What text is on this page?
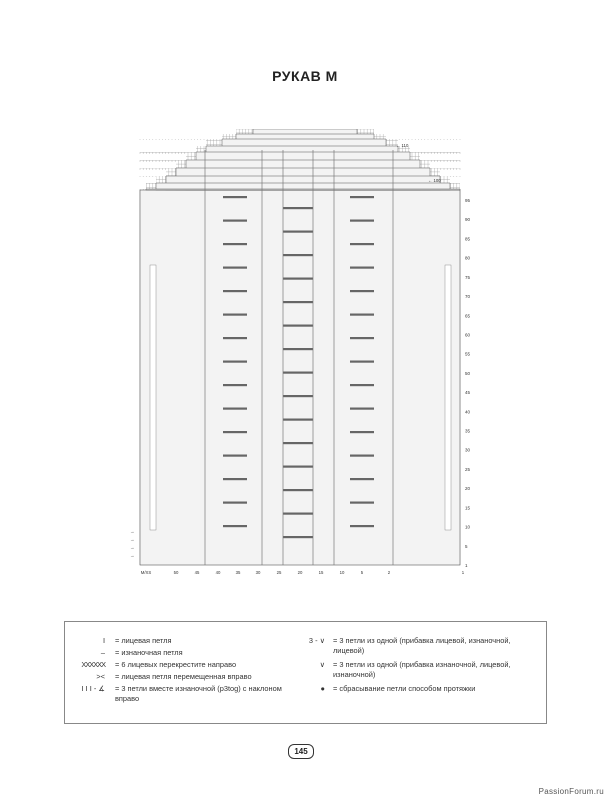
РУКАВ М
95
90
85
80
75
70
65
60
55
50
45
40
35
30
25
20
15
10
5
1
M/XS	50	45	40	35	30	25	20	15	10	5	2	1
← 110
← 100
→
→
→
→
I = лицевая петля
– = изнаночная петля
XXXXXX = 6 лицевых перекрестите направо
>< = лицевая петля перемещенная вправо
I I I - ∡ = 3 петли вместе изнаночной (p3tog) с наклоном вправо
3 - ∨ = 3 петли из одной (прибавка лицевой, изнаночной, лицевой)
∨ = 3 петли из одной (прибавка изнаночной, лицевой, изнаночной)
● = сбрасывание петли способом протяжки
145
PassionForum.ru
